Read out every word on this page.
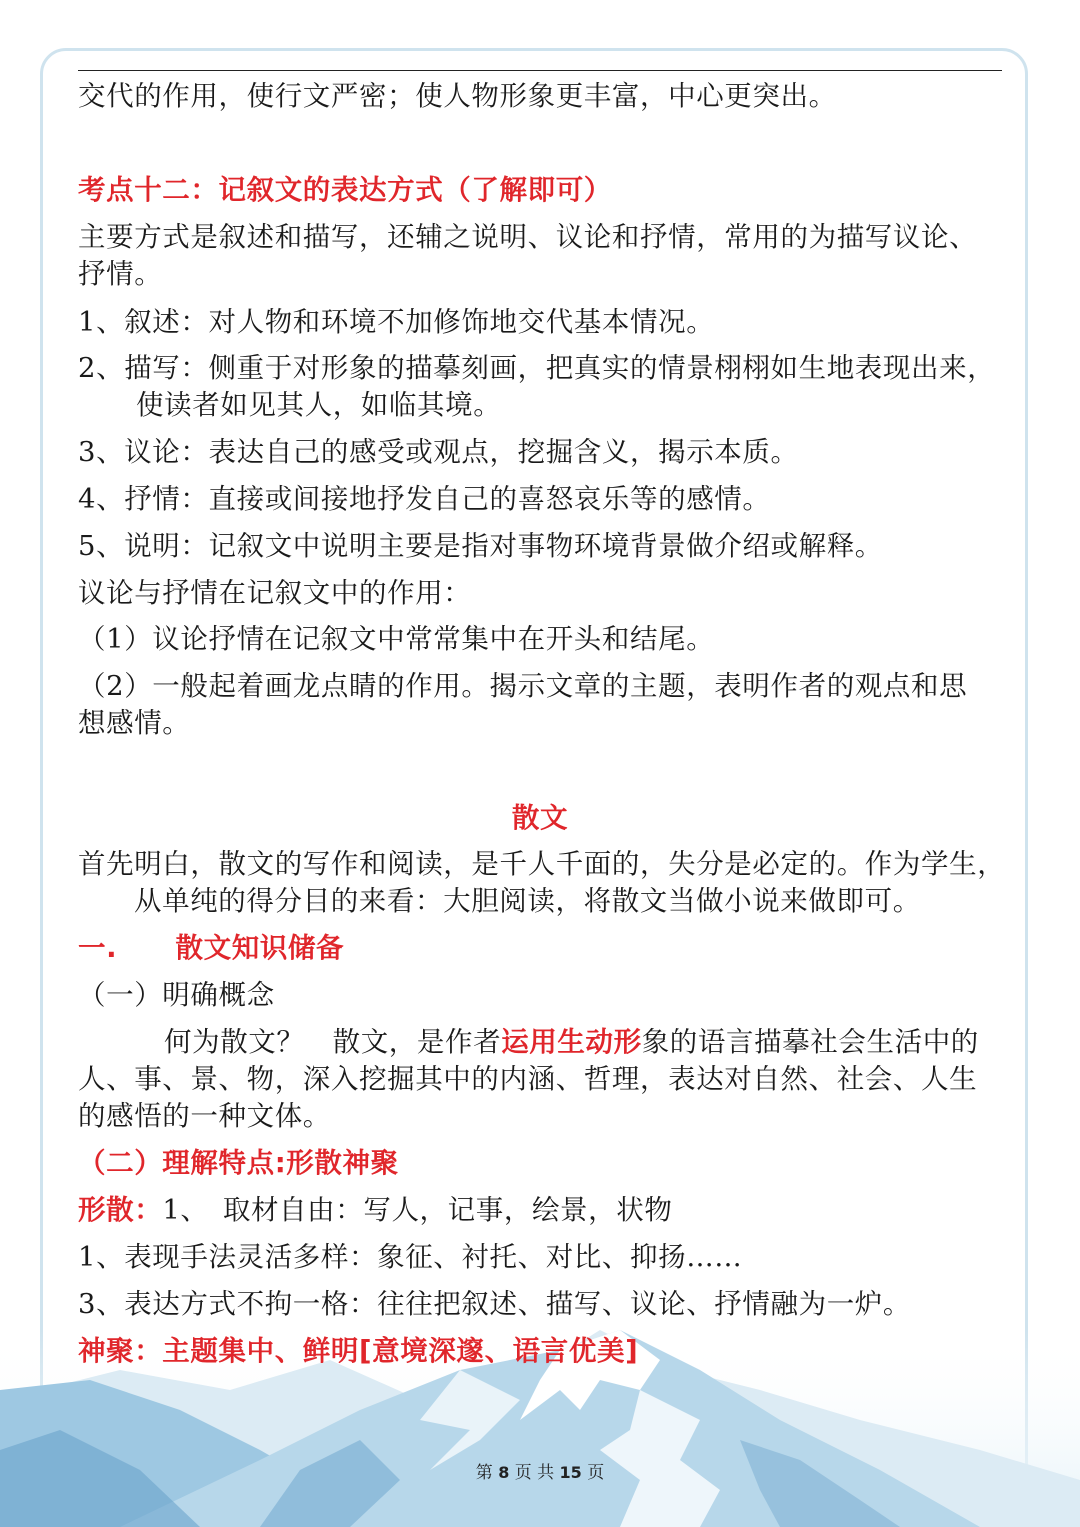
交代的作用，使行文严密；使人物形象更丰富，中心更突出。
考点十二：记叙文的表达方式（了解即可）
主要方式是叙述和描写，还辅之说明、议论和抒情，常用的为描写议论、
抒情。
1、叙述：对人物和环境不加修饰地交代基本情况。
2、描写：侧重于对形象的描摹刻画，把真实的情景栩栩如生地表现出来，
使读者如见其人，如临其境。
3、议论：表达自己的感受或观点，挖掘含义，揭示本质。
4、抒情：直接或间接地抒发自己的喜怒哀乐等的感情。
5、说明：记叙文中说明主要是指对事物环境背景做介绍或解释。
议论与抒情在记叙文中的作用：
（1）议论抒情在记叙文中常常集中在开头和结尾。
（2）一般起着画龙点睛的作用。揭示文章的主题，表明作者的观点和思
想感情。
散文
首先明白，散文的写作和阅读，是千人千面的，失分是必定的。作为学生，
从单纯的得分目的来看：大胆阅读，将散文当做小说来做即可。
一. 散文知识储备
（一）明确概念
何为散文？　散文，是作者运用生动形象的语言描摹社会生活中的
人、事、景、物，深入挖掘其中的内涵、哲理，表达对自然、社会、人生
的感悟的一种文体。
（二）理解特点:形散神聚
形散：1、　取材自由：写人，记事，绘景，状物
1、表现手法灵活多样：象征、衬托、对比、抑扬……
3、表达方式不拘一格：往往把叙述、描写、议论、抒情融为一炉。
神聚：主题集中、鲜明[意境深邃、语言优美]
第 8 页 共 15 页
